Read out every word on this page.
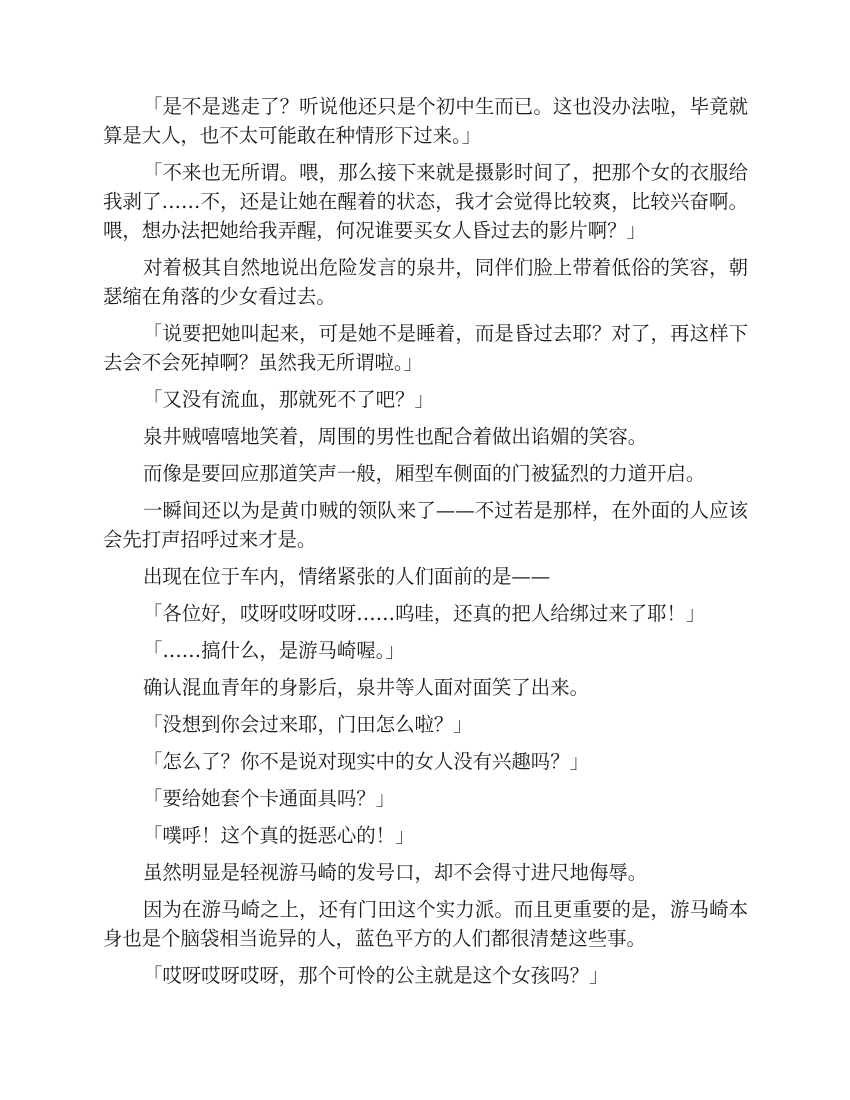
「是不是逃走了？听说他还只是个初中生而已。这也没办法啦，毕竟就算是大人，也不太可能敢在种情形下过来。」

「不来也无所谓。喂，那么接下来就是摄影时间了，把那个女的衣服给我剥了……不，还是让她在醒着的状态，我才会觉得比较爽，比较兴奋啊。喂，想办法把她给我弄醒，何况谁要买女人昏过去的影片啊？」

对着极其自然地说出危险发言的泉井，同伴们脸上带着低俗的笑容，朝瑟缩在角落的少女看过去。

「说要把她叫起来，可是她不是睡着，而是昏过去耶？对了，再这样下去会不会死掉啊？虽然我无所谓啦。」

「又没有流血，那就死不了吧？」

泉井贼嘻嘻地笑着，周围的男性也配合着做出谄媚的笑容。

而像是要回应那道笑声一般，厢型车侧面的门被猛烈的力道开启。

一瞬间还以为是黄巾贼的领队来了——不过若是那样，在外面的人应该会先打声招呼过来才是。

出现在位于车内，情绪紧张的人们面前的是——

「各位好，哎呀哎呀哎呀……呜哇，还真的把人给绑过来了耶！」

「……搞什么，是游马崎喔。」

确认混血青年的身影后，泉井等人面对面笑了出来。

「没想到你会过来耶，门田怎么啦？」

「怎么了？你不是说对现实中的女人没有兴趣吗？」

「要给她套个卡通面具吗？」

「噗呼！这个真的挺恶心的！」

虽然明显是轻视游马崎的发号口，却不会得寸进尺地侮辱。

因为在游马崎之上，还有门田这个实力派。而且更重要的是，游马崎本身也是个脑袋相当诡异的人，蓝色平方的人们都很清楚这些事。

「哎呀哎呀哎呀，那个可怜的公主就是这个女孩吗？」
